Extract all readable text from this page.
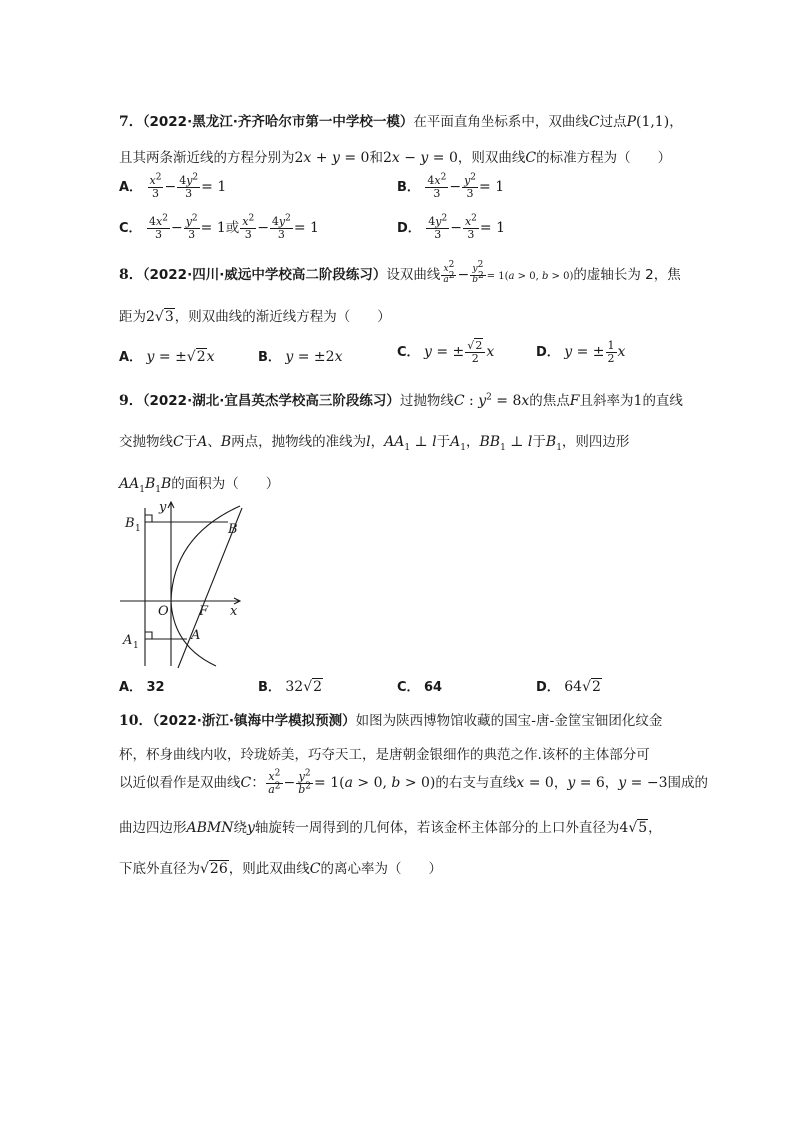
7．（2022·黑龙江·齐齐哈尔市第一中学校一模）在平面直角坐标系中，双曲线C过点P(1,1)，
且其两条渐近线的方程分别为2x + y = 0和2x − y = 0，则双曲线C的标准方程为（　　）
A． $\frac{x^2}{3} - \frac{4y^2}{3} = 1$	B． $\frac{4x^2}{3} - \frac{y^2}{3} = 1$
C． $\frac{4x^2}{3} - \frac{y^2}{3} = 1$或 $\frac{x^2}{3} - \frac{4y^2}{3} = 1$	D． $\frac{4y^2}{3} - \frac{x^2}{3} = 1$
8．（2022·四川·威远中学校高二阶段练习）设双曲线 $\frac{x^2}{a^2} - \frac{y^2}{b^2} = 1(a > 0$, b > 0)的虚轴长为 2，焦
距为2√3，则双曲线的渐近线方程为（　　）
A． y = ±√2x	B． y = ±2x	C． y = ± $\frac{√2}{2}$ x	D． y = ± $\frac{1}{2}$ x
9．（2022·湖北·宜昌英杰学校高三阶段练习）过抛物线C : $y^2 = 8x$的焦点F且斜率为1的直线
交抛物线C于A、B两点，抛物线的准线为l，$AA_1$ ⊥ l于$A_1$，$BB_1$ ⊥ l于$B_1$，则四边形
$AA_1B_1B$的面积为（　　）
B 1	B
y
O F x
A 1
A
A． 32	B． 32√2	C． 64	D． 64√2
10．（2022·浙江·镇海中学模拟预测）如图为陕西博物馆收藏的国宝-唐-金筐宝钿团化纹金
杯，杯身曲线内收，玲珑娇美，巧夺天工，是唐朝金银细作的典范之作.该杯的主体部分可
以近似看作是双曲线C： $\frac{x^2}{a^2} - \frac{y^2}{b^2} = 1(a > 0$, b > 0)的右支与直线x = 0，y = 6，y = −3围成的
曲边四边形ABMN绕y轴旋转一周得到的几何体，若该金杯主体部分的上口外直径为4√5，
下底外直径为√26，则此双曲线C的离心率为（　　）
